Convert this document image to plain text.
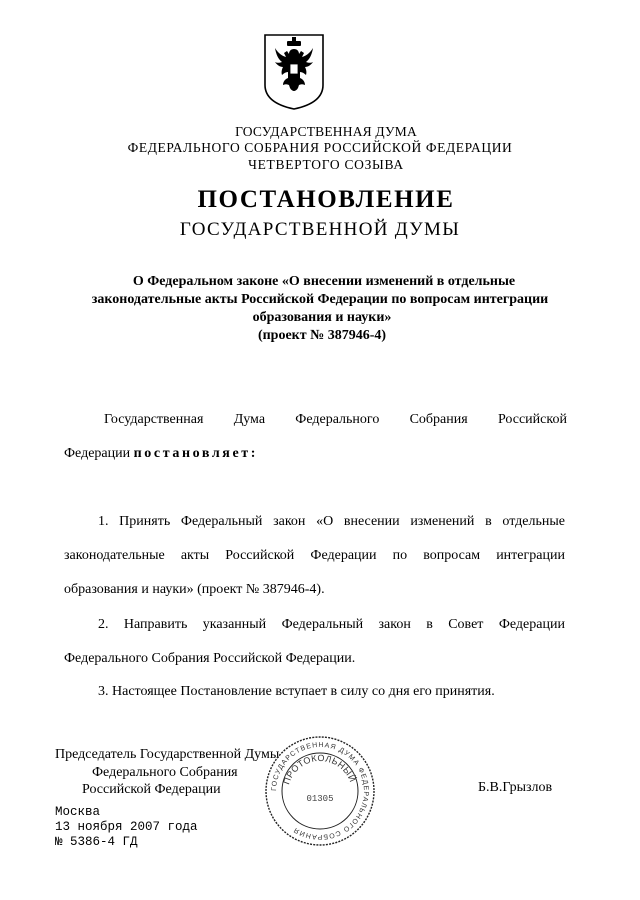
ГОСУДАРСТВЕННАЯ ДУМА
ФЕДЕРАЛЬНОГО СОБРАНИЯ РОССИЙСКОЙ ФЕДЕРАЦИИ
ЧЕТВЕРТОГО СОЗЫВА
ПОСТАНОВЛЕНИЕ
ГОСУДАРСТВЕННОЙ ДУМЫ
О Федеральном законе «О внесении изменений в отдельные
законодательные акты Российской Федерации по вопросам интеграции
образования и науки»
(проект № 387946-4)
Государственная Дума Федерального Собрания Российской
Федерации постановляет:
1. Принять Федеральный закон «О внесении изменений в отдельные
законодательные акты Российской Федерации по вопросам интеграции
образования и науки» (проект № 387946-4).
2. Направить указанный Федеральный закон в Совет Федерации
Федерального Собрания Российской Федерации.
3. Настоящее Постановление вступает в силу со дня его принятия.
Председатель Государственной Думы
Федерального Собрания
Российской Федерации	Б.В.Грызлов
ГОСУДАРСТВЕННАЯ ДУМА ФЕДЕРАЛЬНОГО СОБРАНИЯ
ПРОТОКОЛЬНЫЙ
01305
Москва
13 ноября 2007 года
№ 5386-4 ГД
